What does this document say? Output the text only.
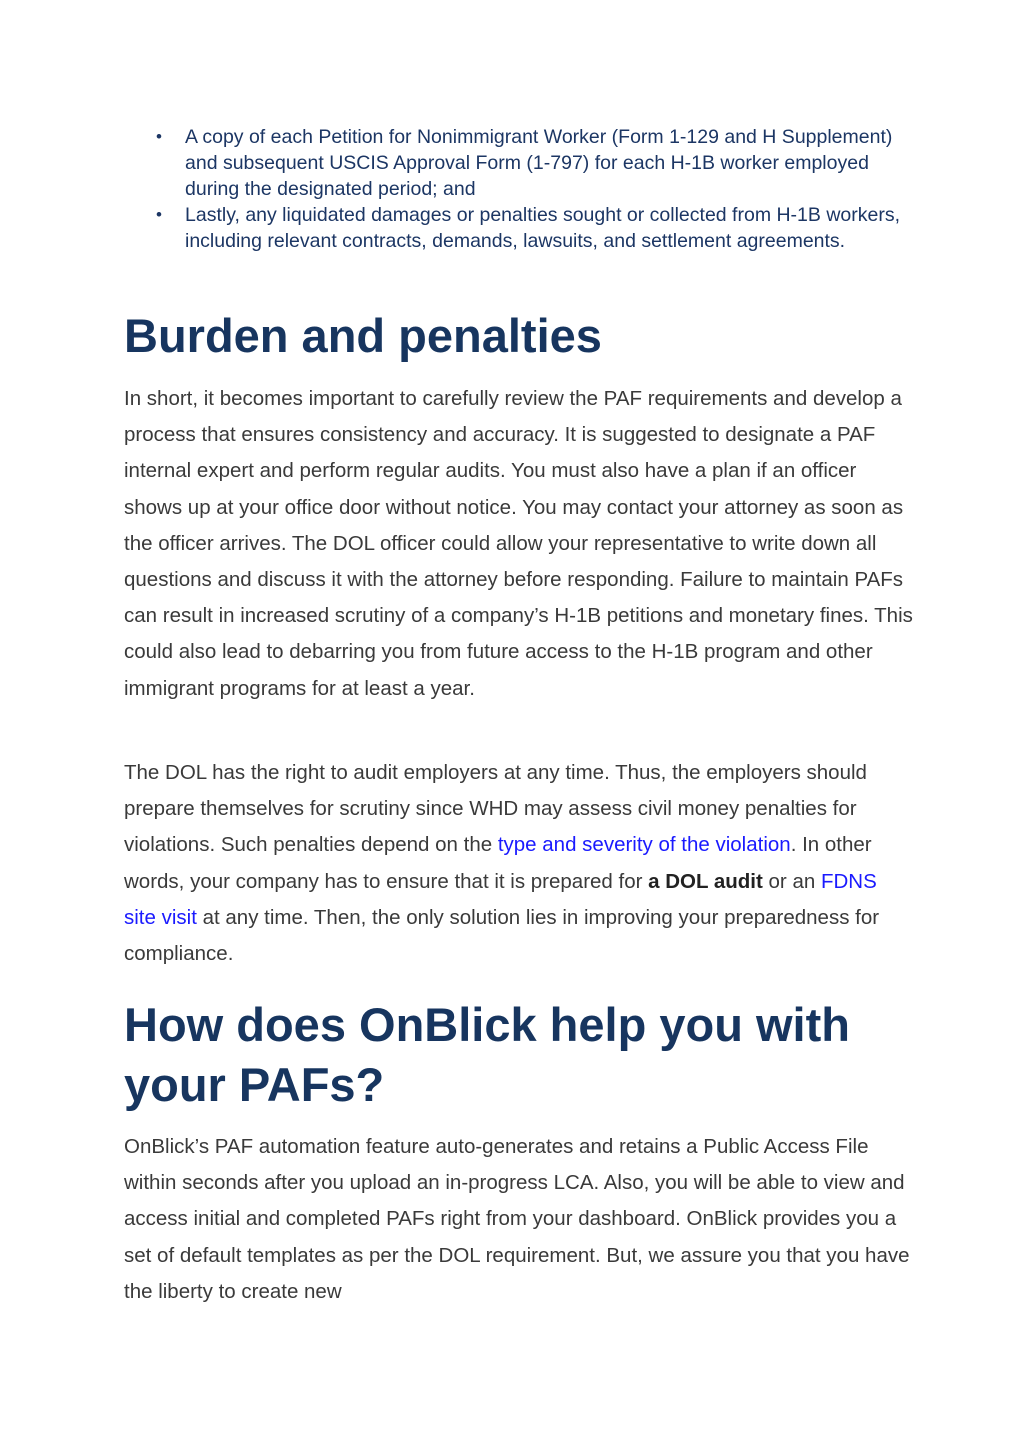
• A copy of each Petition for Nonimmigrant Worker (Form 1-129 and H Supplement) and subsequent USCIS Approval Form (1-797) for each H-1B worker employed during the designated period; and
• Lastly, any liquidated damages or penalties sought or collected from H-1B workers, including relevant contracts, demands, lawsuits, and settlement agreements.
Burden and penalties

In short, it becomes important to carefully review the PAF requirements and develop a process that ensures consistency and accuracy. It is suggested to designate a PAF internal expert and perform regular audits. You must also have a plan if an officer shows up at your office door without notice. You may contact your attorney as soon as the officer arrives. The DOL officer could allow your representative to write down all questions and discuss it with the attorney before responding. Failure to maintain PAFs can result in increased scrutiny of a company’s H-1B petitions and monetary fines. This could also lead to debarring you from future access to the H-1B program and other immigrant programs for at least a year.

The DOL has the right to audit employers at any time. Thus, the employers should prepare themselves for scrutiny since WHD may assess civil money penalties for violations. Such penalties depend on the type and severity of the violation. In other words, your company has to ensure that it is prepared for a DOL audit or an FDNS site visit at any time. Then, the only solution lies in improving your preparedness for compliance.

How does OnBlick help you with your PAFs?

OnBlick’s PAF automation feature auto-generates and retains a Public Access File within seconds after you upload an in-progress LCA. Also, you will be able to view and access initial and completed PAFs right from your dashboard. OnBlick provides you a set of default templates as per the DOL requirement. But, we assure you that you have the liberty to create new
